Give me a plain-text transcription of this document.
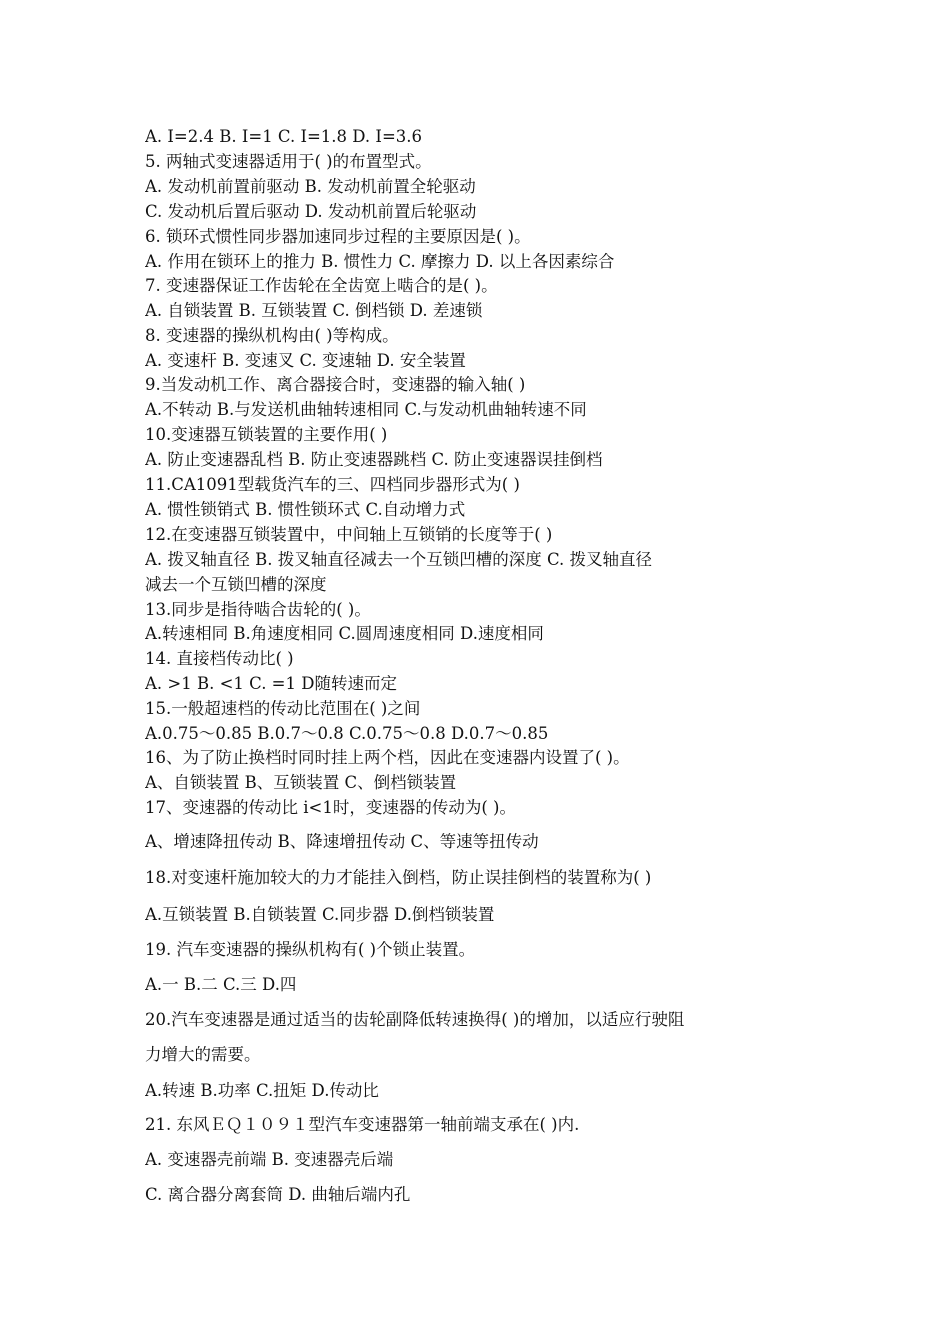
A. I=2.4 B. I=1 C. I=1.8 D. I=3.6
5. 两轴式变速器适用于( )的布置型式。
A. 发动机前置前驱动 B. 发动机前置全轮驱动
C. 发动机后置后驱动 D. 发动机前置后轮驱动
6. 锁环式惯性同步器加速同步过程的主要原因是( )。
A. 作用在锁环上的推力 B. 惯性力 C. 摩擦力 D. 以上各因素综合
7. 变速器保证工作齿轮在全齿宽上啮合的是( )。
A. 自锁装置 B. 互锁装置 C. 倒档锁 D. 差速锁
8. 变速器的操纵机构由( )等构成。
A. 变速杆 B. 变速叉 C. 变速轴 D. 安全装置
9.当发动机工作、离合器接合时，变速器的输入轴( )
A.不转动 B.与发送机曲轴转速相同 C.与发动机曲轴转速不同
10.变速器互锁装置的主要作用( )
A. 防止变速器乱档 B. 防止变速器跳档 C. 防止变速器误挂倒档
11.CA1091型载货汽车的三、四档同步器形式为( )
A. 惯性锁销式 B. 惯性锁环式 C.自动增力式
12.在变速器互锁装置中，中间轴上互锁销的长度等于( )
A. 拨叉轴直径 B. 拨叉轴直径减去一个互锁凹槽的深度 C. 拨叉轴直径
减去一个互锁凹槽的深度
13.同步是指待啮合齿轮的( )。
A.转速相同 B.角速度相同 C.圆周速度相同 D.速度相同
14. 直接档传动比( )
A. >1 B. <1 C. =1 D随转速而定
15.一般超速档的传动比范围在( )之间
A.0.75～0.85 B.0.7～0.8 C.0.75～0.8 D.0.7～0.85
16、为了防止换档时同时挂上两个档，因此在变速器内设置了( )。
A、自锁装置 B、互锁装置 C、倒档锁装置
17、变速器的传动比 i<1时，变速器的传动为( )。
A、增速降扭传动 B、降速增扭传动 C、等速等扭传动
18.对变速杆施加较大的力才能挂入倒档，防止误挂倒档的装置称为( )
A.互锁装置 B.自锁装置 C.同步器 D.倒档锁装置
19. 汽车变速器的操纵机构有( )个锁止装置。
A.一 B.二 C.三 D.四
20.汽车变速器是通过适当的齿轮副降低转速换得( )的增加，以适应行驶阻
力增大的需要。
A.转速 B.功率 C.扭矩 D.传动比
21. 东风ＥＱ１０９１型汽车变速器第一轴前端支承在( )内.
A. 变速器壳前端 B. 变速器壳后端
C. 离合器分离套筒 D. 曲轴后端内孔
